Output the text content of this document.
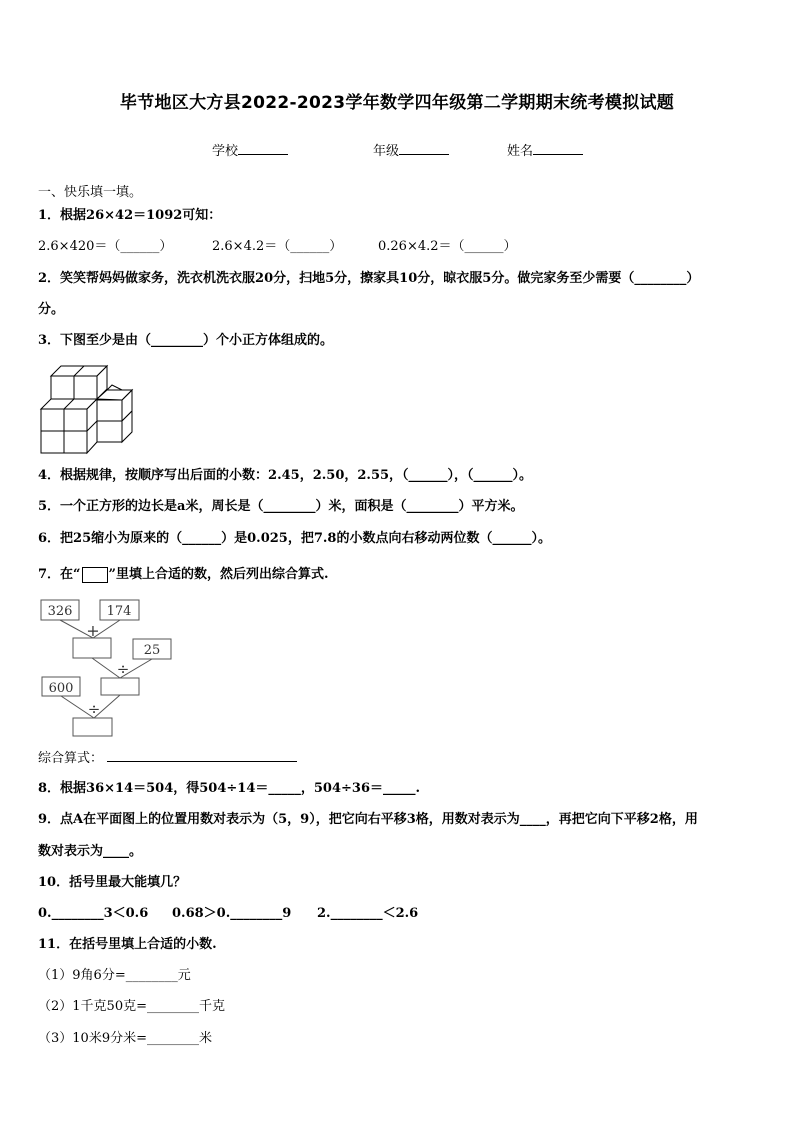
毕节地区大方县2022-2023学年数学四年级第二学期期末统考模拟试题
学校	年级	姓名
一、快乐填一填。
1．根据26×42＝1092可知：
2.6×420＝（______）	2.6×4.2＝（______）	0.26×4.2＝（______）
2．笑笑帮妈妈做家务，洗衣机洗衣服20分，扫地5分，擦家具10分，晾衣服5分。做完家务至少需要（________）
分。
3．下图至少是由（________）个小正方体组成的。
4．根据规律，按顺序写出后面的小数：2.45，2.50，2.55，（______），（______）。
5．一个正方形的边长是a米，周长是（________）米，面积是（________）平方米。
6．把25缩小为原来的（______）是0.025，把7.8的小数点向右移动两位数（______）。
7．在“ ”里填上合适的数，然后列出综合算式.
326	174
+
25
÷
600
÷
综合算式：
8．根据36×14＝504，得504÷14＝_____，504÷36＝_____.
9．点A在平面图上的位置用数对表示为（5，9），把它向右平移3格，用数对表示为____，再把它向下平移2格，用
数对表示为____。
10．括号里最大能填几？
0.________3＜0.6 0.68＞0.________9 2.________＜2.6
11．在括号里填上合适的小数.
（1）9角6分=________元
（2）1千克50克=________千克
（3）10米9分米=________米
